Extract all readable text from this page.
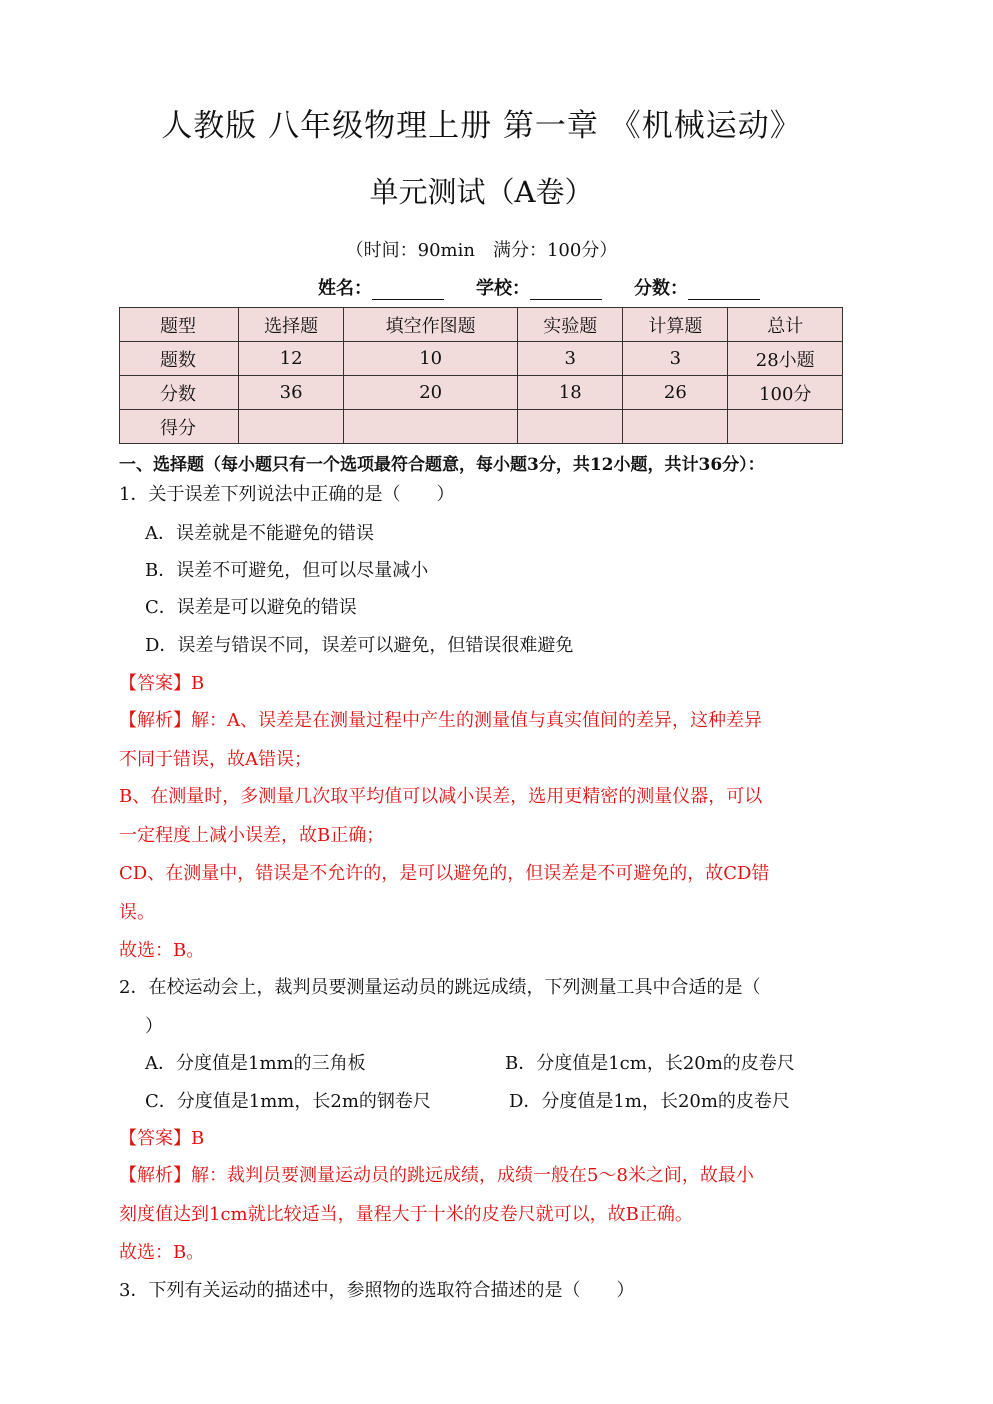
人教版 八年级物理上册 第一章 《机械运动》
单元测试（A卷）
（时间：90min　满分：100分）
姓名：	学校：	分数：
题型	选择题	填空作图题	实验题	计算题	总计
题数	12	10	3	3	28小题
分数	36	20	18	26	100分
得分					
一、选择题（每小题只有一个选项最符合题意，每小题3分，共12小题，共计36分）：
1．关于误差下列说法中正确的是（　　）
A．误差就是不能避免的错误
B．误差不可避免，但可以尽量减小
C．误差是可以避免的错误
D．误差与错误不同，误差可以避免，但错误很难避免
【答案】B
【解析】解：A、误差是在测量过程中产生的测量值与真实值间的差异，这种差异
不同于错误，故A错误；
B、在测量时，多测量几次取平均值可以减小误差，选用更精密的测量仪器，可以
一定程度上减小误差，故B正确；
CD、在测量中，错误是不允许的，是可以避免的，但误差是不可避免的，故CD错
误。
故选：B。
2．在校运动会上，裁判员要测量运动员的跳远成绩，下列测量工具中合适的是（
）
A．分度值是1mm的三角板	B．分度值是1cm，长20m的皮卷尺
C．分度值是1mm，长2m的钢卷尺	D．分度值是1m，长20m的皮卷尺
【答案】B
【解析】解：裁判员要测量运动员的跳远成绩，成绩一般在5～8米之间，故最小
刻度值达到1cm就比较适当，量程大于十米的皮卷尺就可以，故B正确。
故选：B。
3．下列有关运动的描述中，参照物的选取符合描述的是（　　）
